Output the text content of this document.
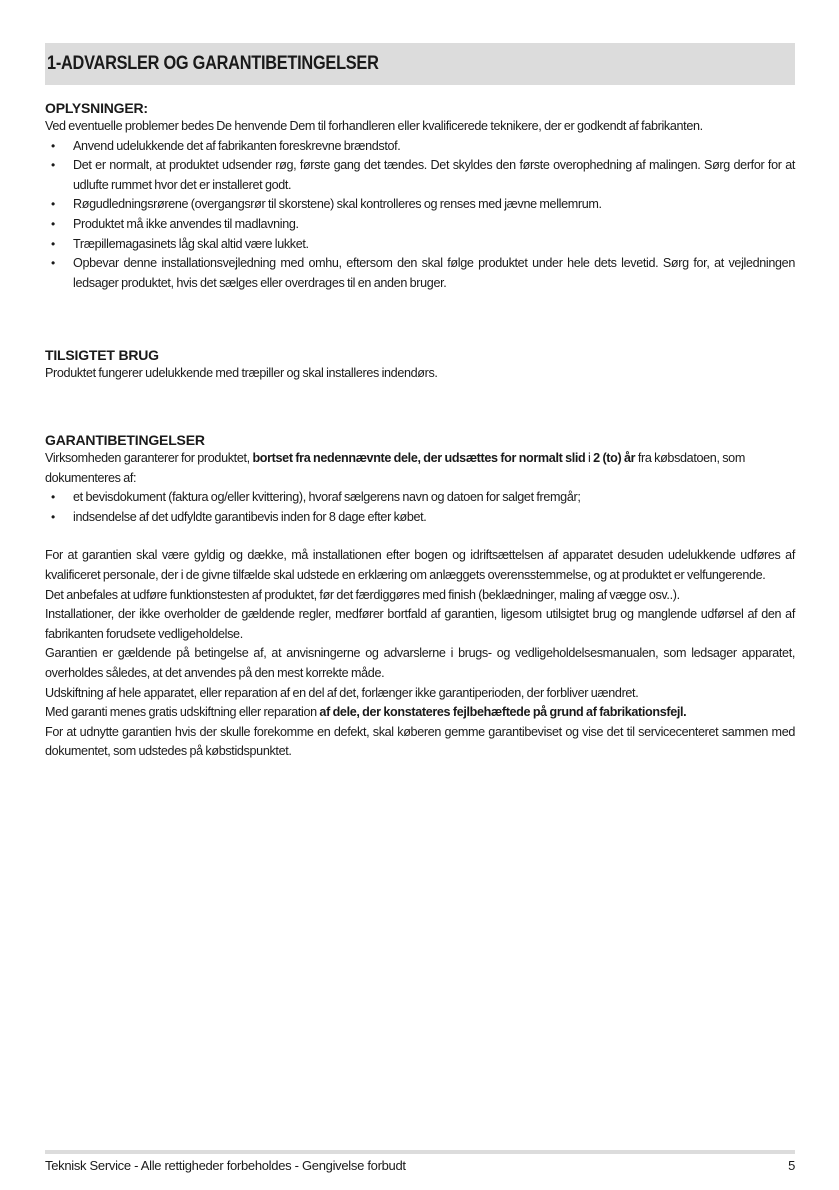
1-ADVARSLER OG GARANTIBETINGELSER
OPLYSNINGER:

Ved eventuelle problemer bedes De henvende Dem til forhandleren eller kvalificerede teknikere, der er godkendt af fabrikanten.

• Anvend udelukkende det af fabrikanten foreskrevne brændstof.
• Det er normalt, at produktet udsender røg, første gang det tændes. Det skyldes den første overophedning af malingen. Sørg derfor for at udlufte rummet hvor det er installeret godt.
• Røgudledningsrørene (overgangsrør til skorstene) skal kontrolleres og renses med jævne mellemrum.
• Produktet må ikke anvendes til madlavning.
• Træpillemagasinets låg skal altid være lukket.
• Opbevar denne installationsvejledning med omhu, eftersom den skal følge produktet under hele dets levetid. Sørg for, at vejledningen ledsager produktet, hvis det sælges eller overdrages til en anden bruger.
TILSIGTET BRUG

Produktet fungerer udelukkende med træpiller og skal installeres indendørs.

GARANTIBETINGELSER

Virksomheden garanterer for produktet, bortset fra nedennævnte dele, der udsættes for normalt slid i 2 (to) år fra købsdatoen, som dokumenteres af:

• et bevisdokument (faktura og/eller kvittering), hvoraf sælgerens navn og datoen for salget fremgår;
• indsendelse af det udfyldte garantibevis inden for 8 dage efter købet.

For at garantien skal være gyldig og dække, må installationen efter bogen og idriftsættelsen af apparatet desuden udelukkende udføres af kvalificeret personale, der i de givne tilfælde skal udstede en erklæring om anlæggets overensstemmelse, og at produktet er velfungerende.

Det anbefales at udføre funktionstesten af produktet, før det færdiggøres med finish (beklædninger, maling af vægge osv..).

Installationer, der ikke overholder de gældende regler, medfører bortfald af garantien, ligesom utilsigtet brug og manglende udførsel af den af fabrikanten forudsete vedligeholdelse.

Garantien er gældende på betingelse af, at anvisningerne og advarslerne i brugs- og vedligeholdelsesmanualen, som ledsager apparatet, overholdes således, at det anvendes på den mest korrekte måde.

Udskiftning af hele apparatet, eller reparation af en del af det, forlænger ikke garantiperioden, der forbliver uændret.

Med garanti menes gratis udskiftning eller reparation af dele, der konstateres fejlbehæftede på grund af fabrikationsfejl.

For at udnytte garantien hvis der skulle forekomme en defekt, skal køberen gemme garantibeviset og vise det til servicecenteret sammen med dokumentet, som udstedes på købstidspunktet.

Teknisk Service - Alle rettigheder forbeholdes - Gengivelse forbudt	5
